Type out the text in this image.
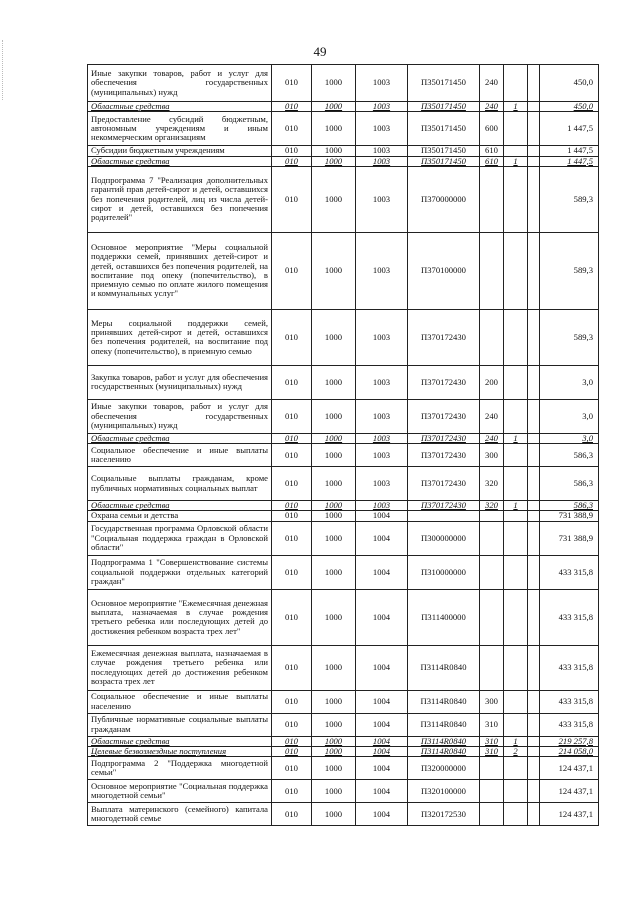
49
Иные закупки товаров, работ и услуг для обеспечения государственных (муниципальных) нужд	010	1000	1003	П350171450	240			450,0
Областные средства	010	1000	1003	П350171450	240	1		450,0
Предоставление субсидий бюджетным, автономным учреждениям и иным некоммерческим организациям	010	1000	1003	П350171450	600			1 447,5
Субсидии бюджетным учреждениям	010	1000	1003	П350171450	610			1 447,5
Областные средства	010	1000	1003	П350171450	610	1		1 447,5
Подпрограмма 7 "Реализация дополнительных гарантий прав детей-сирот и детей, оставшихся без попечения родителей, лиц из числа детей-сирот и детей, оставшихся без попечения родителей"	010	1000	1003	П370000000				589,3
Основное мероприятие "Меры социальной поддержки семей, принявших детей-сирот и детей, оставшихся без попечения родителей, на воспитание под опеку (попечительство), в приемную семью по оплате жилого помещения и коммунальных услуг"	010	1000	1003	П370100000				589,3
Меры социальной поддержки семей, принявших детей-сирот и детей, оставшихся без попечения родителей, на воспитание под опеку (попечительство), в приемную семью	010	1000	1003	П370172430				589,3
Закупка товаров, работ и услуг для обеспечения государственных (муниципальных) нужд	010	1000	1003	П370172430	200			3,0
Иные закупки товаров, работ и услуг для обеспечения государственных (муниципальных) нужд	010	1000	1003	П370172430	240			3,0
Областные средства	010	1000	1003	П370172430	240	1		3,0
Социальное обеспечение и иные выплаты населению	010	1000	1003	П370172430	300			586,3
Социальные выплаты гражданам, кроме публичных нормативных социальных выплат	010	1000	1003	П370172430	320			586,3
Областные средства	010	1000	1003	П370172430	320	1		586,3
Охрана семьи и детства	010	1000	1004					731 388,9
Государственная программа Орловской области "Социальная поддержка граждан в Орловской области"	010	1000	1004	П300000000				731 388,9
Подпрограмма 1 "Совершенствование системы социальной поддержки отдельных категорий граждан"	010	1000	1004	П310000000				433 315,8
Основное мероприятие "Ежемесячная денежная выплата, назначаемая в случае рождения третьего ребенка или последующих детей до достижения ребенком возраста трех лет"	010	1000	1004	П311400000				433 315,8
Ежемесячная денежная выплата, назначаемая в случае рождения третьего ребенка или последующих детей до достижения ребенком возраста трех лет	010	1000	1004	П3114R0840				433 315,8
Социальное обеспечение и иные выплаты населению	010	1000	1004	П3114R0840	300			433 315,8
Публичные нормативные социальные выплаты гражданам	010	1000	1004	П3114R0840	310			433 315,8
Областные средства	010	1000	1004	П3114R0840	310	1		219 257,8
Целевые безвозмездные поступления	010	1000	1004	П3114R0840	310	2		214 058,0
Подпрограмма 2 "Поддержка многодетной семьи"	010	1000	1004	П320000000				124 437,1
Основное мероприятие "Социальная поддержка многодетной семьи"	010	1000	1004	П320100000				124 437,1
Выплата материнского (семейного) капитала многодетной семье	010	1000	1004	П320172530				124 437,1
